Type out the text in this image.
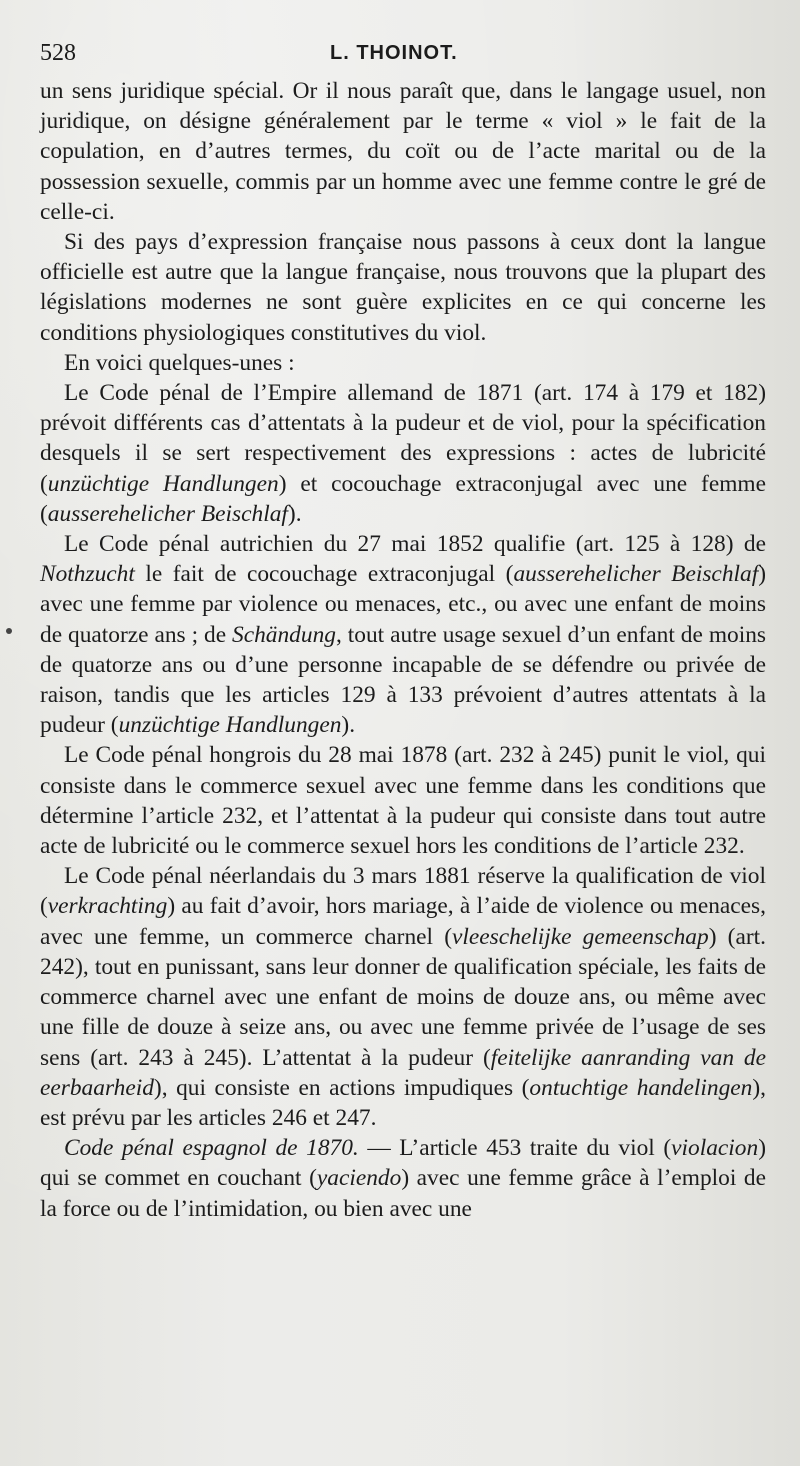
528	L. THOINOT.

un sens juridique spécial. Or il nous paraît que, dans le langage usuel, non juridique, on désigne généralement par le terme « viol » le fait de la copulation, en d’autres termes, du coït ou de l’acte marital ou de la possession sexuelle, commis par un homme avec une femme contre le gré de celle-ci.

Si des pays d’expression française nous passons à ceux dont la langue officielle est autre que la langue française, nous trouvons que la plupart des législations modernes ne sont guère explicites en ce qui concerne les conditions physiologiques constitutives du viol.

En voici quelques-unes :

Le Code pénal de l’Empire allemand de 1871 (art. 174 à 179 et 182) prévoit différents cas d’attentats à la pudeur et de viol, pour la spécification desquels il se sert respectivement des expressions : actes de lubricité (unzüchtige Handlungen) et cocouchage extraconjugal avec une femme (ausserehelicher Beischlaf).

Le Code pénal autrichien du 27 mai 1852 qualifie (art. 125 à 128) de Nothzucht le fait de cocouchage extraconjugal (ausserehelicher Beischlaf) avec une femme par violence ou menaces, etc., ou avec une enfant de moins de quatorze ans ; de Schändung, tout autre usage sexuel d’un enfant de moins de quatorze ans ou d’une personne incapable de se défendre ou privée de raison, tandis que les articles 129 à 133 prévoient d’autres attentats à la pudeur (unzüchtige Handlungen).

Le Code pénal hongrois du 28 mai 1878 (art. 232 à 245) punit le viol, qui consiste dans le commerce sexuel avec une femme dans les conditions que détermine l’article 232, et l’attentat à la pudeur qui consiste dans tout autre acte de lubricité ou le commerce sexuel hors les conditions de l’article 232.

Le Code pénal néerlandais du 3 mars 1881 réserve la qualification de viol (verkrachting) au fait d’avoir, hors mariage, à l’aide de violence ou menaces, avec une femme, un commerce charnel (vleeschelijke gemeenschap) (art. 242), tout en punissant, sans leur donner de qualification spéciale, les faits de commerce charnel avec une enfant de moins de douze ans, ou même avec une fille de douze à seize ans, ou avec une femme privée de l’usage de ses sens (art. 243 à 245). L’attentat à la pudeur (feitelijke aanranding van de eerbaarheid), qui consiste en actions impudiques (ontuchtige handelingen), est prévu par les articles 246 et 247.

Code pénal espagnol de 1870. — L’article 453 traite du viol (violacion) qui se commet en couchant (yaciendo) avec une femme grâce à l’emploi de la force ou de l’intimidation, ou bien avec une
